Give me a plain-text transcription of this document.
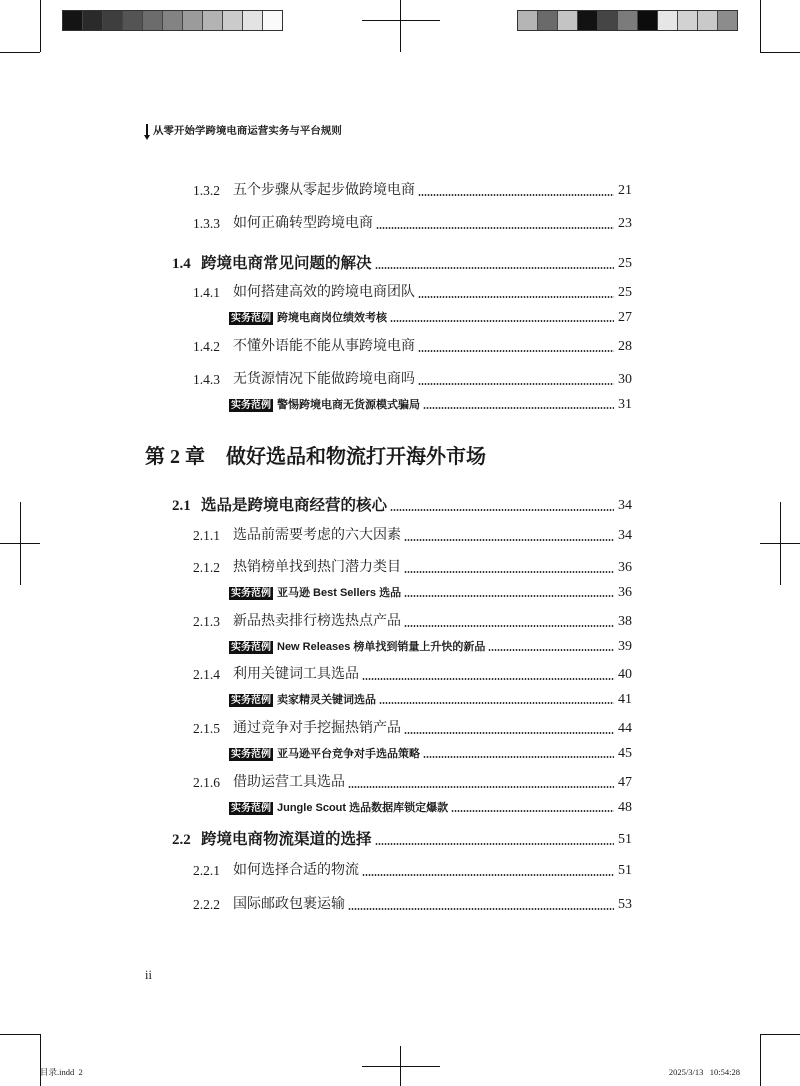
从零开始学跨境电商运营实务与平台规则
1.3.2 五个步骤从零起步做跨境电商	21
1.3.3 如何正确转型跨境电商	23
1.4 跨境电商常见问题的解决	25
1.4.1 如何搭建高效的跨境电商团队	25
实务范例 跨境电商岗位绩效考核	27
1.4.2 不懂外语能不能从事跨境电商	28
1.4.3 无货源情况下能做跨境电商吗	30
实务范例 警惕跨境电商无货源模式骗局	31
第 2 章 做好选品和物流打开海外市场
2.1 选品是跨境电商经营的核心	34
2.1.1 选品前需要考虑的六大因素	34
2.1.2 热销榜单找到热门潜力类目	36
实务范例 亚马逊 Best Sellers 选品	36
2.1.3 新品热卖排行榜选热点产品	38
实务范例 New Releases 榜单找到销量上升快的新品	39
2.1.4 利用关键词工具选品	40
实务范例 卖家精灵关键词选品	41
2.1.5 通过竞争对手挖掘热销产品	44
实务范例 亚马逊平台竞争对手选品策略	45
2.1.6 借助运营工具选品	47
实务范例 Jungle Scout 选品数据库锁定爆款	48
2.2 跨境电商物流渠道的选择	51
2.2.1 如何选择合适的物流	51
2.2.2 国际邮政包裹运输	53
ii
目录.indd  2	2025/3/13   10:54:28
